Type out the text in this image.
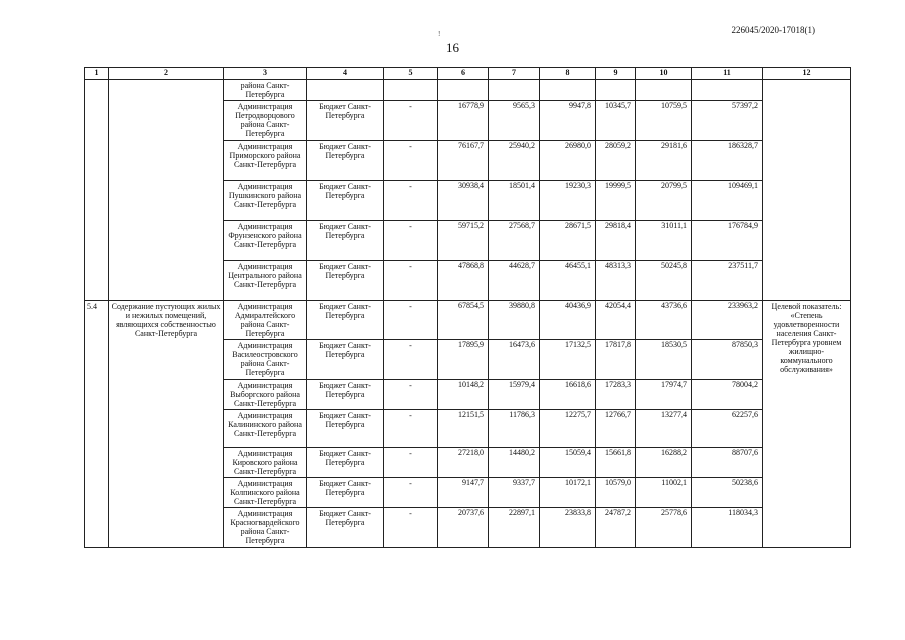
226045/2020-17018(1)
!
16
1	2	3	4	5	6	7	8	9	10	11	12
		района Санкт-Петербурга									
		Администрация Петродворцового района Санкт-Петербурга	Бюджет Санкт-Петербурга	-	16778,9	9565,3	9947,8	10345,7	10759,5	57397,2	
		Администрация Приморского района Санкт-Петербурга	Бюджет Санкт-Петербурга	-	76167,7	25940,2	26980,0	28059,2	29181,6	186328,7	
		Администрация Пушкинского района Санкт-Петербурга	Бюджет Санкт-Петербурга	-	30938,4	18501,4	19230,3	19999,5	20799,5	109469,1	
		Администрация Фрунзенского района Санкт-Петербурга	Бюджет Санкт-Петербурга	-	59715,2	27568,7	28671,5	29818,4	31011,1	176784,9	
		Администрация Центрального района Санкт-Петербурга	Бюджет Санкт-Петербурга	-	47868,8	44628,7	46455,1	48313,3	50245,8	237511,7	
5.4	Содержание пустующих жилых и нежилых помещений, являющихся собственностью Санкт-Петербурга	Администрация Адмиралтейского района Санкт-Петербурга	Бюджет Санкт-Петербурга	-	67854,5	39880,8	40436,9	42054,4	43736,6	233963,2	Целевой показатель: «Степень удовлетворенности населения Санкт-Петербурга уровнем жилищно-коммунального обслуживания»
		Администрация Василеостровского района Санкт-Петербурга	Бюджет Санкт-Петербурга	-	17895,9	16473,6	17132,5	17817,8	18530,5	87850,3	
		Администрация Выборгского района Санкт-Петербурга	Бюджет Санкт-Петербурга	-	10148,2	15979,4	16618,6	17283,3	17974,7	78004,2	
		Администрация Калининского района Санкт-Петербурга	Бюджет Санкт-Петербурга	-	12151,5	11786,3	12275,7	12766,7	13277,4	62257,6	
		Администрация Кировского района Санкт-Петербурга	Бюджет Санкт-Петербурга	-	27218,0	14480,2	15059,4	15661,8	16288,2	88707,6	
		Администрация Колпинского района Санкт-Петербурга	Бюджет Санкт-Петербурга	-	9147,7	9337,7	10172,1	10579,0	11002,1	50238,6	
		Администрация Красногвардейского района Санкт-Петербурга	Бюджет Санкт-Петербурга	-	20737,6	22897,1	23833,8	24787,2	25778,6	118034,3	
